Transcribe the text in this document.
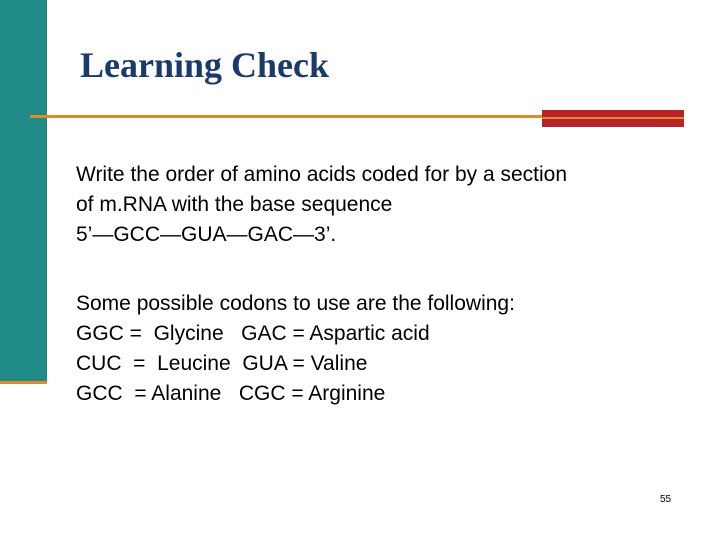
Learning Check
Write the order of amino acids coded for by a section
of m.RNA with the base sequence
5’—GCC—GUA—GAC—3’.
Some possible codons to use are the following:
GGC =  Glycine   GAC = Aspartic acid
CUC  =  Leucine  GUA = Valine
GCC  = Alanine   CGC = Arginine
55
